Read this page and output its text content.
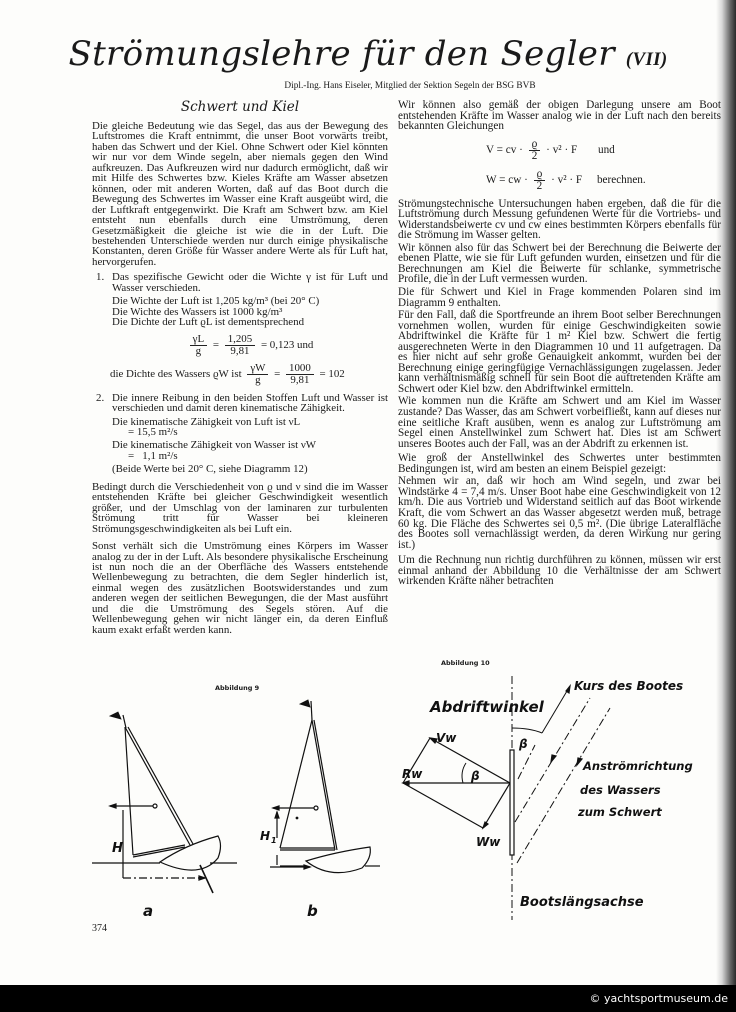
Strömungslehre für den Segler (VII)
Dipl.-Ing. Hans Eiseler, Mitglied der Sektion Segeln der BSG BVB
Schwert und Kiel

Die gleiche Bedeutung wie das Segel, das aus der Bewegung des Luftstromes die Kraft entnimmt, die unser Boot vorwärts treibt, haben das Schwert und der Kiel. Ohne Schwert oder Kiel könnten wir nur vor dem Winde segeln, aber niemals gegen den Wind aufkreuzen. Das Aufkreuzen wird nur dadurch ermöglicht, daß wir mit Hilfe des Schwertes bzw. Kieles Kräfte am Wasser absetzen können, oder mit anderen Worten, daß auf das Boot durch die Bewegung des Schwertes im Wasser eine Kraft ausgeübt wird, die der Luftkraft entgegenwirkt. Die Kraft am Schwert bzw. am Kiel entsteht nun ebenfalls durch eine Umströmung, deren Gesetzmäßigkeit die gleiche ist wie die in der Luft. Die bestehenden Unterschiede werden nur durch einige physikalische Konstanten, deren Größe für Wasser andere Werte als für Luft hat, hervorgerufen.

1. Das spezifische Gewicht oder die Wichte γ ist für Luft und Wasser verschieden.
Die Wichte der Luft ist 1,205 kg/m³ (bei 20° C)
Die Wichte des Wassers ist 1000 kg/m³
Die Dichte der Luft ϱL ist dementsprechend
$\frac{\gamma L}{g} = \frac{1,205}{9,81} = 0,123$ und
die Dichte des Wassers ϱW ist $\frac{\gamma W}{g} = \frac{1000}{9,81} = 102$
2. Die innere Reibung in den beiden Stoffen Luft und Wasser ist verschieden und damit deren kinematische Zähigkeit.
Die kinematische Zähigkeit von Luft ist νL
= 15,5 m²/s
Die kinematische Zähigkeit von Wasser ist νW
=   1,1 m²/s
(Beide Werte bei 20° C, siehe Diagramm 12)

Bedingt durch die Verschiedenheit von ϱ und ν sind die im Wasser entstehenden Kräfte bei gleicher Geschwindigkeit wesentlich größer, und der Umschlag von der laminaren zur turbulenten Strömung tritt für Wasser bei kleineren Strömungsgeschwindigkeiten als bei Luft ein.

Sonst verhält sich die Umströmung eines Körpers im Wasser analog zu der in der Luft. Als besondere physikalische Erscheinung ist nun noch die an der Oberfläche des Wassers entstehende Wellenbewegung zu betrachten, die dem Segler hinderlich ist, einmal wegen des zusätzlichen Bootswiderstandes und zum anderen wegen der seitlichen Bewegungen, die der Mast ausführt und die die Umströmung des Segels stören. Auf die Wellenbewegung gehen wir nicht länger ein, da deren Einfluß kaum exakt erfaßt werden kann.

Wir können also gemäß der obigen Darlegung unsere am Boot entstehenden Kräfte im Wasser analog wie in der Luft nach den bereits bekannten Gleichungen

V = cv · $\frac{ϱ}{2} \cdot v^2 \cdot F$ und
W = cw · $\frac{ϱ}{2} \cdot v^2 \cdot F$ berechnen.

Strömungstechnische Untersuchungen haben ergeben, daß die für die Luftströmung durch Messung gefundenen Werte für die Vortriebs- und Widerstandsbeiwerte cv und cw eines bestimmten Körpers ebenfalls für die Strömung im Wasser gelten.

Wir können also für das Schwert bei der Berechnung die Beiwerte der ebenen Platte, wie sie für Luft gefunden wurden, einsetzen und für die Berechnungen am Kiel die Beiwerte für schlanke, symmetrische Profile, die in der Luft vermessen wurden.

Die für Schwert und Kiel in Frage kommenden Polaren sind im Diagramm 9 enthalten.

Für den Fall, daß die Sportfreunde an ihrem Boot selber Berechnungen vornehmen wollen, wurden für einige Geschwindigkeiten sowie Abdriftwinkel die Kräfte für 1 m² Kiel bzw. Schwert die fertig ausgerechneten Werte in den Diagrammen 10 und 11 aufgetragen. Da es hier nicht auf sehr große Genauigkeit ankommt, wurden bei der Berechnung einige geringfügige Vernachlässigungen zugelassen. Jeder kann verhältnismäßig schnell für sein Boot die auftretenden Kräfte am Schwert oder Kiel bzw. den Abdriftwinkel ermitteln.

Wie kommen nun die Kräfte am Schwert und am Kiel im Wasser zustande? Das Wasser, das am Schwert vorbeifließt, kann auf dieses nur eine seitliche Kraft ausüben, wenn es analog zur Luftströmung am Segel einen Anstellwinkel zum Schwert hat. Dies ist am Schwert unseres Bootes auch der Fall, was an der Abdrift zu erkennen ist.

Wie groß der Anstellwinkel des Schwertes unter bestimmten Bedingungen ist, wird am besten an einem Beispiel gezeigt:

Nehmen wir an, daß wir hoch am Wind segeln, und zwar bei Windstärke 4 = 7,4 m/s. Unser Boot habe eine Geschwindigkeit von 12 km/h. Die aus Vortrieb und Widerstand seitlich auf das Boot wirkende Kraft, die vom Schwert an das Wasser abgesetzt werden muß, betrage 60 kg. Die Fläche des Schwertes sei 0,5 m². (Die übrige Lateralfläche des Bootes soll vernachlässigt werden, da deren Wirkung nur gering ist.)

Um die Rechnung nun richtig durchführen zu können, müssen wir erst einmal anhand der Abbildung 10 die Verhältnisse der am Schwert wirkenden Kräfte näher betrachten

Abbildung 9
Abbildung 10
H
a
H 1
b
Abdriftwinkel
Kurs des Bootes
Anströmrichtung
des Wassers
zum Schwert
Bootslängsachse
Vw
Rw
Ww
β
β
374
© yachtsportmuseum.de
